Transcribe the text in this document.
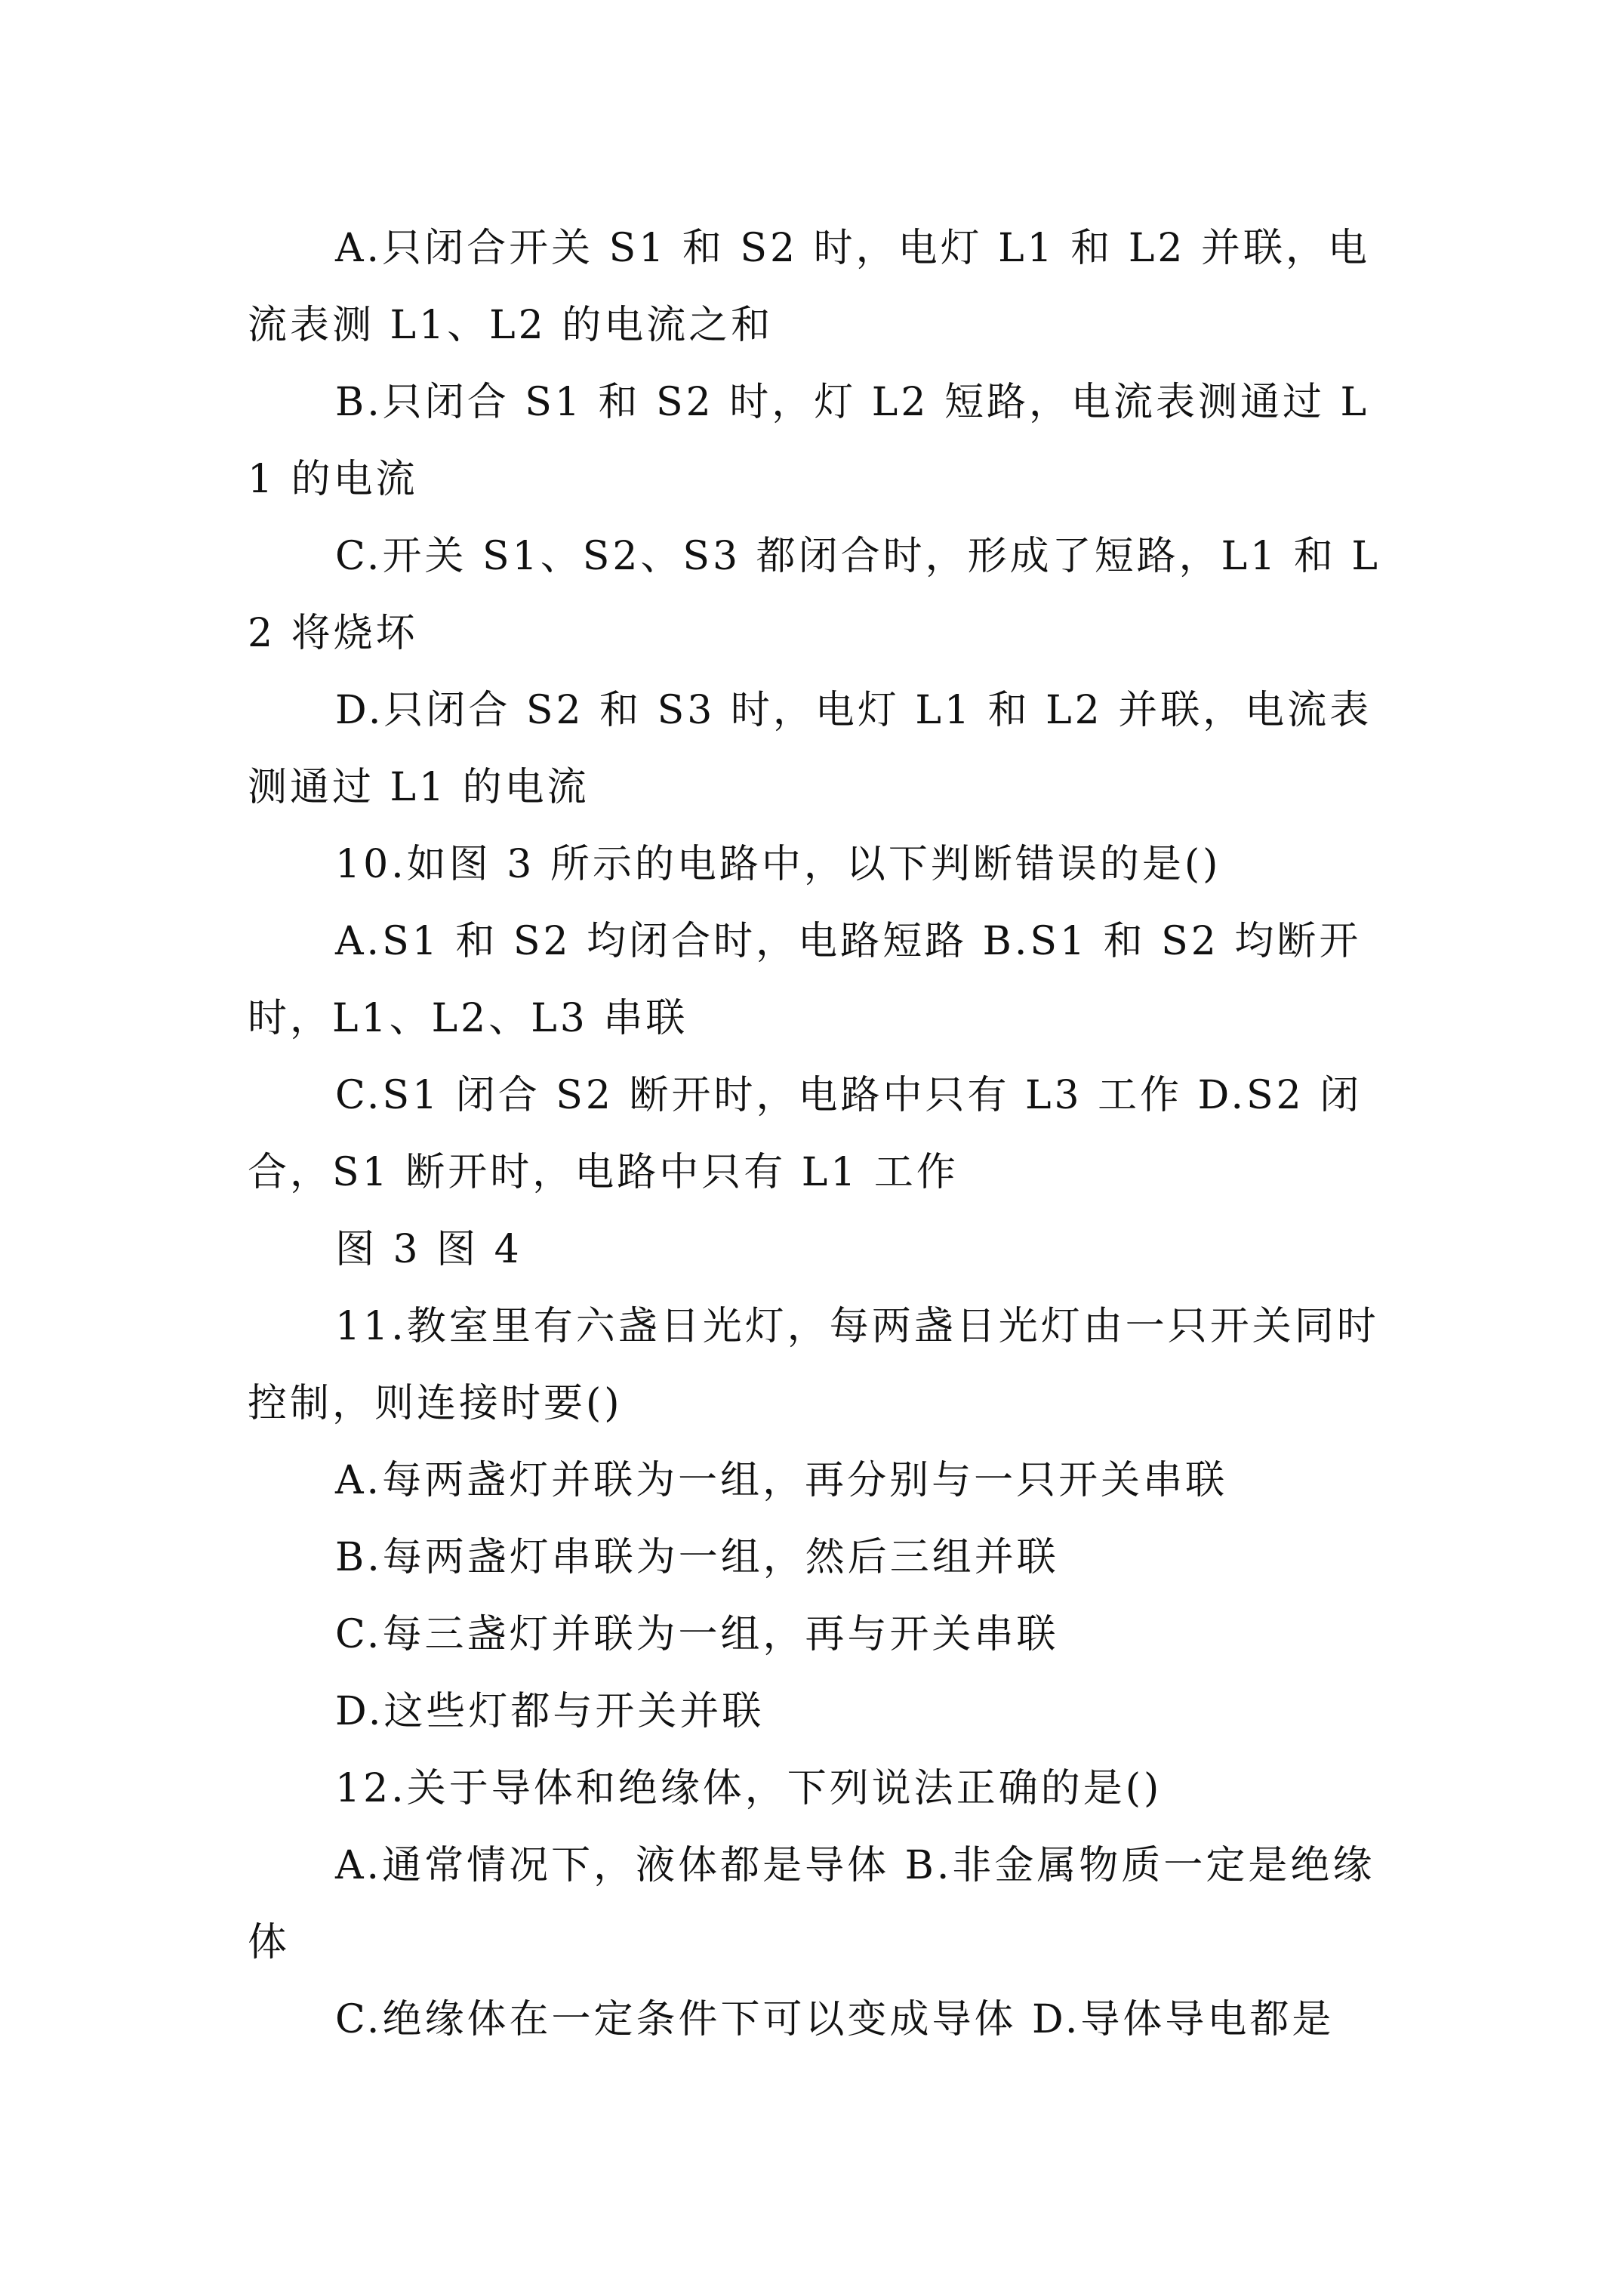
A.只闭合开关 S1 和 S2 时，电灯 L1 和 L2 并联，电流表测 L1、L2 的电流之和

B.只闭合 S1 和 S2 时，灯 L2 短路，电流表测通过 L1 的电流

C.开关 S1、S2、S3 都闭合时，形成了短路，L1 和 L2 将烧坏

D.只闭合 S2 和 S3 时，电灯 L1 和 L2 并联，电流表测通过 L1 的电流

10.如图 3 所示的电路中，以下判断错误的是()

A.S1 和 S2 均闭合时，电路短路 B.S1 和 S2 均断开时，L1、L2、L3 串联

C.S1 闭合 S2 断开时，电路中只有 L3 工作 D.S2 闭合，S1 断开时，电路中只有 L1 工作

图 3 图 4

11.教室里有六盏日光灯，每两盏日光灯由一只开关同时控制，则连接时要()

A.每两盏灯并联为一组，再分别与一只开关串联

B.每两盏灯串联为一组，然后三组并联

C.每三盏灯并联为一组，再与开关串联

D.这些灯都与开关并联

12.关于导体和绝缘体，下列说法正确的是()

A.通常情况下，液体都是导体 B.非金属物质一定是绝缘体

C.绝缘体在一定条件下可以变成导体 D.导体导电都是
